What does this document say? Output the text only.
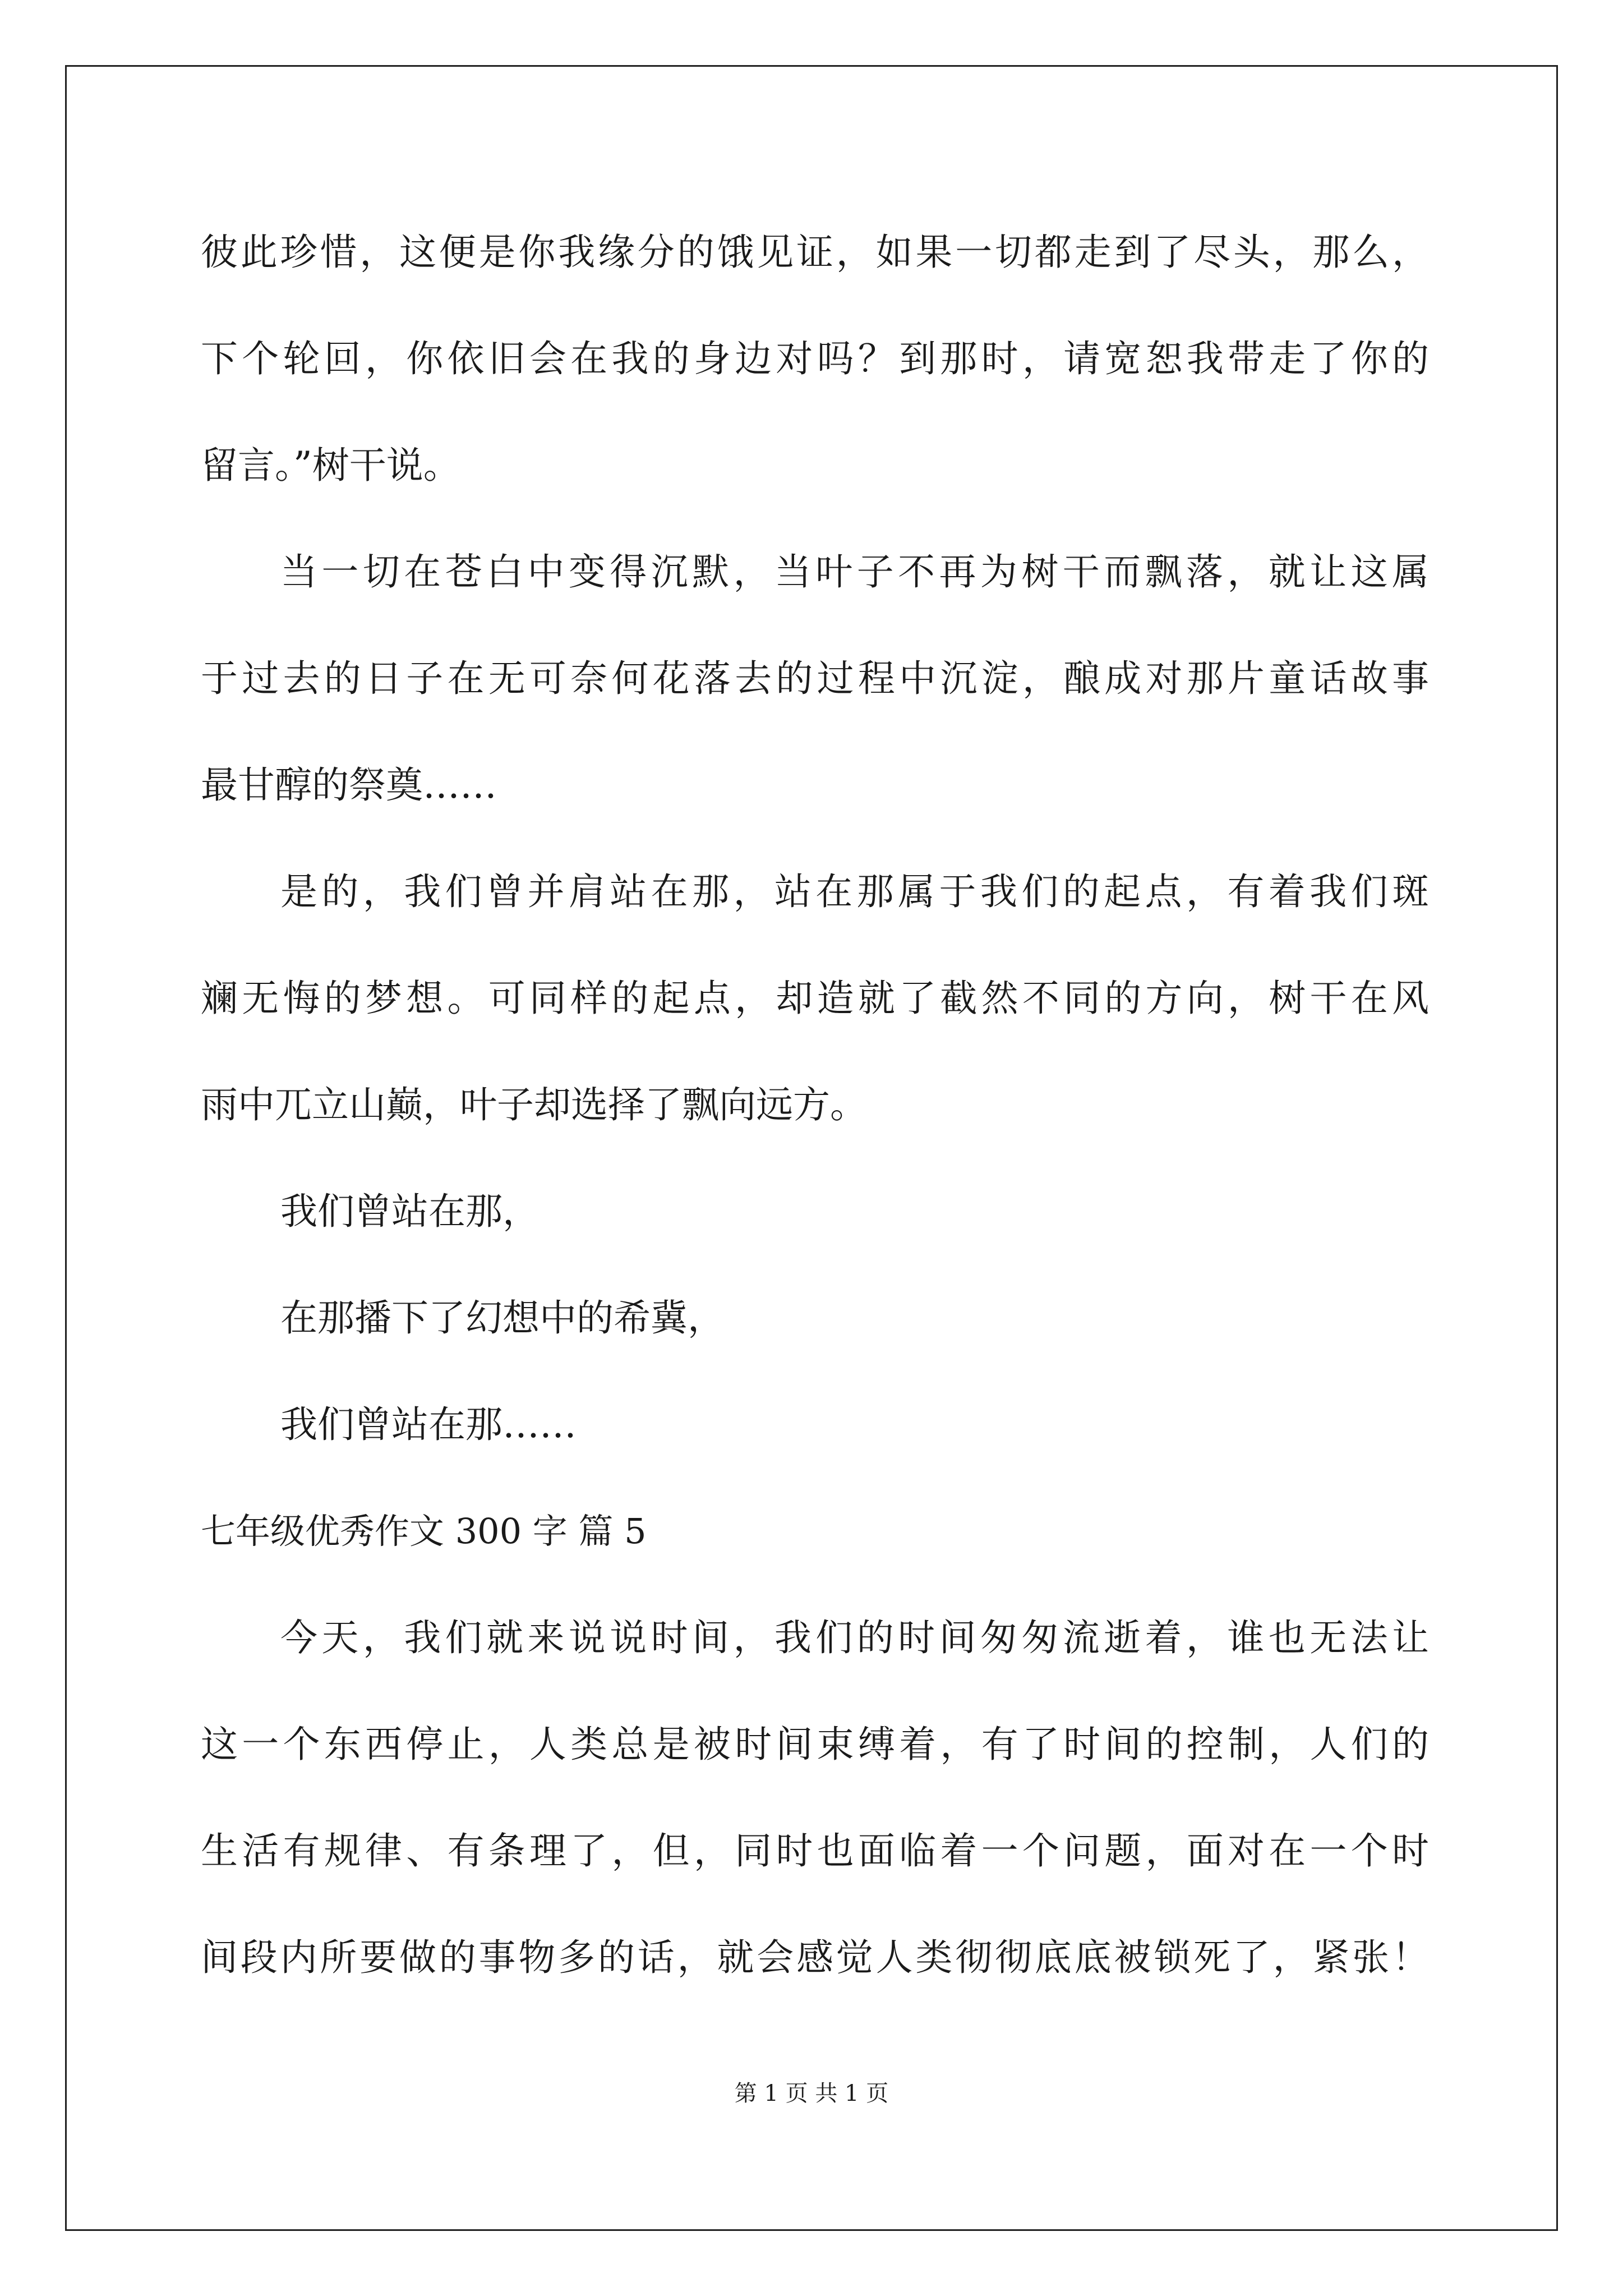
彼此珍惜，这便是你我缘分的饿见证，如果一切都走到了尽头，那么，
下个轮回，你依旧会在我的身边对吗？到那时，请宽恕我带走了你的
留言。”树干说。
当一切在苍白中变得沉默，当叶子不再为树干而飘落，就让这属
于过去的日子在无可奈何花落去的过程中沉淀，酿成对那片童话故事
最甘醇的祭奠……
是的，我们曾并肩站在那，站在那属于我们的起点，有着我们斑
斓无悔的梦想。可同样的起点，却造就了截然不同的方向，树干在风
雨中兀立山巅，叶子却选择了飘向远方。
我们曾站在那，
在那播下了幻想中的希冀，
我们曾站在那……
七年级优秀作文 300 字 篇 5
今天，我们就来说说时间，我们的时间匆匆流逝着，谁也无法让
这一个东西停止，人类总是被时间束缚着，有了时间的控制，人们的
生活有规律、有条理了，但，同时也面临着一个问题，面对在一个时
间段内所要做的事物多的话，就会感觉人类彻彻底底被锁死了，紧张！
第 1 页 共 1 页
